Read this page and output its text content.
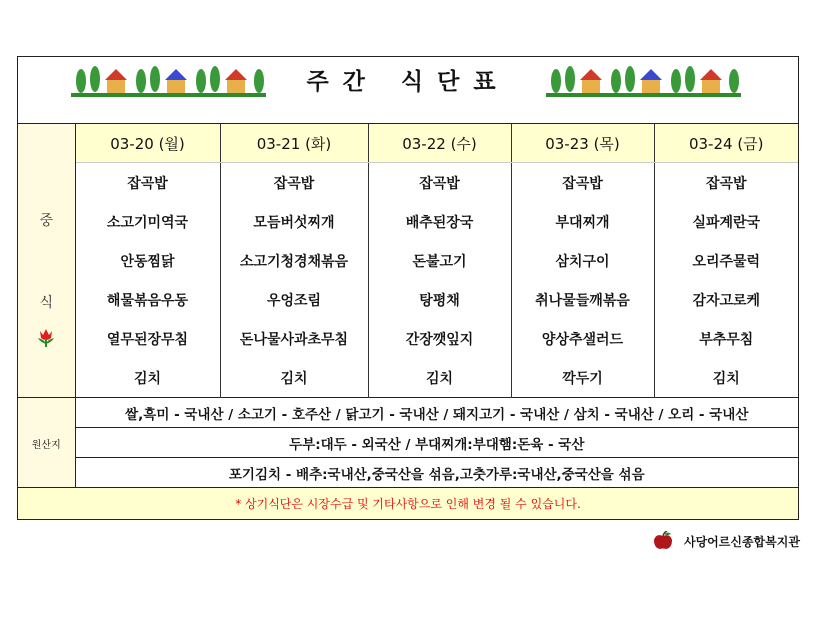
주간 식단표
중
식	03-20 (월)	03-21 (화)	03-22 (수)	03-23 (목)	03-24 (금)
	잡곡밥	잡곡밥	잡곡밥	잡곡밥	잡곡밥
	소고기미역국	모듬버섯찌개	배추된장국	부대찌개	실파계란국
	안동찜닭	소고기청경채볶음	돈불고기	삼치구이	오리주물럭
	해물볶음우동	우엉조림	탕평채	취나물들깨볶음	감자고로케
	열무된장무침	돈나물사과초무침	간장깻잎지	양상추샐러드	부추무침
	김치	김치	김치	깍두기	김치
원산지	쌀,흑미 - 국내산 / 소고기 - 호주산 / 닭고기 - 국내산 / 돼지고기 - 국내산 / 삼치 - 국내산 / 오리 - 국내산				
	두부:대두 - 외국산 / 부대찌개:부대햄:돈육 - 국산				
	포기김치 - 배추:국내산,중국산을 섞음,고춧가루:국내산,중국산을 섞음				
* 상기식단은 시장수급 및 기타사항으로 인해 변경 될 수 있습니다.					
사당어르신종합복지관
